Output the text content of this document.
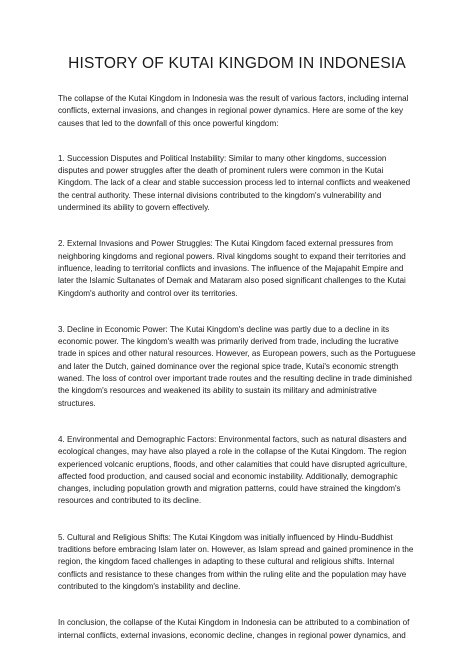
HISTORY OF KUTAI KINGDOM IN INDONESIA

The collapse of the Kutai Kingdom in Indonesia was the result of various factors, including internal conflicts, external invasions, and changes in regional power dynamics. Here are some of the key causes that led to the downfall of this once powerful kingdom:

1. Succession Disputes and Political Instability: Similar to many other kingdoms, succession disputes and power struggles after the death of prominent rulers were common in the Kutai Kingdom. The lack of a clear and stable succession process led to internal conflicts and weakened the central authority. These internal divisions contributed to the kingdom's vulnerability and undermined its ability to govern effectively.

2. External Invasions and Power Struggles: The Kutai Kingdom faced external pressures from neighboring kingdoms and regional powers. Rival kingdoms sought to expand their territories and influence, leading to territorial conflicts and invasions. The influence of the Majapahit Empire and later the Islamic Sultanates of Demak and Mataram also posed significant challenges to the Kutai Kingdom's authority and control over its territories.

3. Decline in Economic Power: The Kutai Kingdom's decline was partly due to a decline in its economic power. The kingdom's wealth was primarily derived from trade, including the lucrative trade in spices and other natural resources. However, as European powers, such as the Portuguese and later the Dutch, gained dominance over the regional spice trade, Kutai's economic strength waned. The loss of control over important trade routes and the resulting decline in trade diminished the kingdom's resources and weakened its ability to sustain its military and administrative structures.

4. Environmental and Demographic Factors: Environmental factors, such as natural disasters and ecological changes, may have also played a role in the collapse of the Kutai Kingdom. The region experienced volcanic eruptions, floods, and other calamities that could have disrupted agriculture, affected food production, and caused social and economic instability. Additionally, demographic changes, including population growth and migration patterns, could have strained the kingdom's resources and contributed to its decline.

5. Cultural and Religious Shifts: The Kutai Kingdom was initially influenced by Hindu-Buddhist traditions before embracing Islam later on. However, as Islam spread and gained prominence in the region, the kingdom faced challenges in adapting to these cultural and religious shifts. Internal conflicts and resistance to these changes from within the ruling elite and the population may have contributed to the kingdom's instability and decline.

In conclusion, the collapse of the Kutai Kingdom in Indonesia can be attributed to a combination of internal conflicts, external invasions, economic decline, changes in regional power dynamics, and
